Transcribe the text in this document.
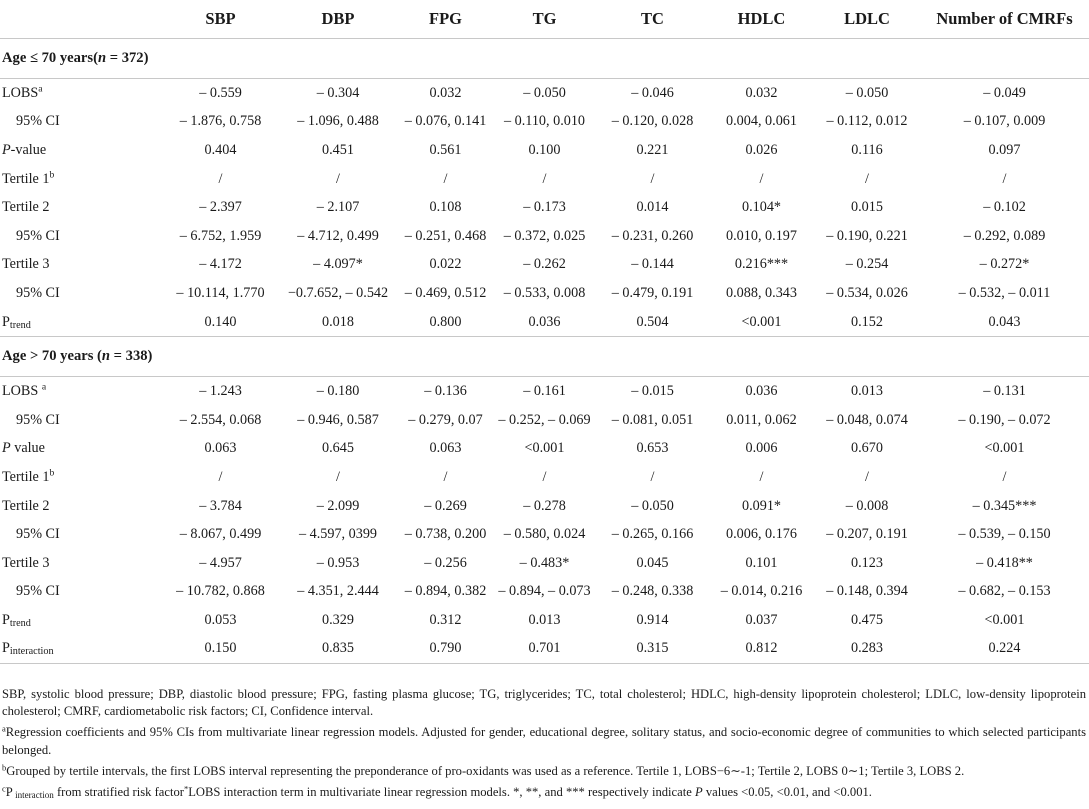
	SBP	DBP	FPG	TG	TC	HDLC	LDLC	Number of CMRFs
Age ≤ 70 years(n = 372)								
LOBS$^a$	– 0.559	– 0.304	0.032	– 0.050	– 0.046	0.032	– 0.050	– 0.049
95% CI	– 1.876, 0.758	– 1.096, 0.488	– 0.076, 0.141	– 0.110, 0.010	– 0.120, 0.028	0.004, 0.061	– 0.112, 0.012	– 0.107, 0.009
P-value	0.404	0.451	0.561	0.100	0.221	0.026	0.116	0.097
Tertile 1$^b$	/	/	/	/	/	/	/	/
Tertile 2	– 2.397	– 2.107	0.108	– 0.173	0.014	0.104*	0.015	– 0.102
95% CI	– 6.752, 1.959	– 4.712, 0.499	– 0.251, 0.468	– 0.372, 0.025	– 0.231, 0.260	0.010, 0.197	– 0.190, 0.221	– 0.292, 0.089
Tertile 3	– 4.172	– 4.097*	0.022	– 0.262	– 0.144	0.216***	– 0.254	– 0.272*
95% CI	– 10.114, 1.770	−0.7.652, – 0.542	– 0.469, 0.512	– 0.533, 0.008	– 0.479, 0.191	0.088, 0.343	– 0.534, 0.026	– 0.532, – 0.011
$P_{trend}$	0.140	0.018	0.800	0.036	0.504	<0.001	0.152	0.043
Age > 70 years (n = 338)								
LOBS $^a$	– 1.243	– 0.180	– 0.136	– 0.161	– 0.015	0.036	0.013	– 0.131
95% CI	– 2.554, 0.068	– 0.946, 0.587	– 0.279, 0.07	– 0.252, – 0.069	– 0.081, 0.051	0.011, 0.062	– 0.048, 0.074	– 0.190, – 0.072
P value	0.063	0.645	0.063	<0.001	0.653	0.006	0.670	<0.001
Tertile 1$^b$	/	/	/	/	/	/	/	/
Tertile 2	– 3.784	– 2.099	– 0.269	– 0.278	– 0.050	0.091*	– 0.008	– 0.345***
95% CI	– 8.067, 0.499	– 4.597, 0399	– 0.738, 0.200	– 0.580, 0.024	– 0.265, 0.166	0.006, 0.176	– 0.207, 0.191	– 0.539, – 0.150
Tertile 3	– 4.957	– 0.953	– 0.256	– 0.483*	0.045	0.101	0.123	– 0.418**
95% CI	– 10.782, 0.868	– 4.351, 2.444	– 0.894, 0.382	– 0.894, – 0.073	– 0.248, 0.338	– 0.014, 0.216	– 0.148, 0.394	– 0.682, – 0.153
$P_{trend}$	0.053	0.329	0.312	0.013	0.914	0.037	0.475	<0.001
$P_{interaction}$	0.150	0.835	0.790	0.701	0.315	0.812	0.283	0.224

SBP, systolic blood pressure; DBP, diastolic blood pressure; FPG, fasting plasma glucose; TG, triglycerides; TC, total cholesterol; HDLC, high-density lipoprotein cholesterol; LDLC, low-density lipoprotein cholesterol; CMRF, cardiometabolic risk factors; CI, Confidence interval.

$^a$Regression coefficients and 95% CIs from multivariate linear regression models. Adjusted for gender, educational degree, solitary status, and socio-economic degree of communities to which selected participants belonged.

$^b$Grouped by tertile intervals, the first LOBS interval representing the preponderance of pro-oxidants was used as a reference. Tertile 1, LOBS−6∼-1; Tertile 2, LOBS 0∼1; Tertile 3, LOBS 2.

$^c$P $_{interaction}$ from stratified risk factor*LOBS interaction term in multivariate linear regression models. *, **, and *** respectively indicate P values <0.05, <0.01, and <0.001.
